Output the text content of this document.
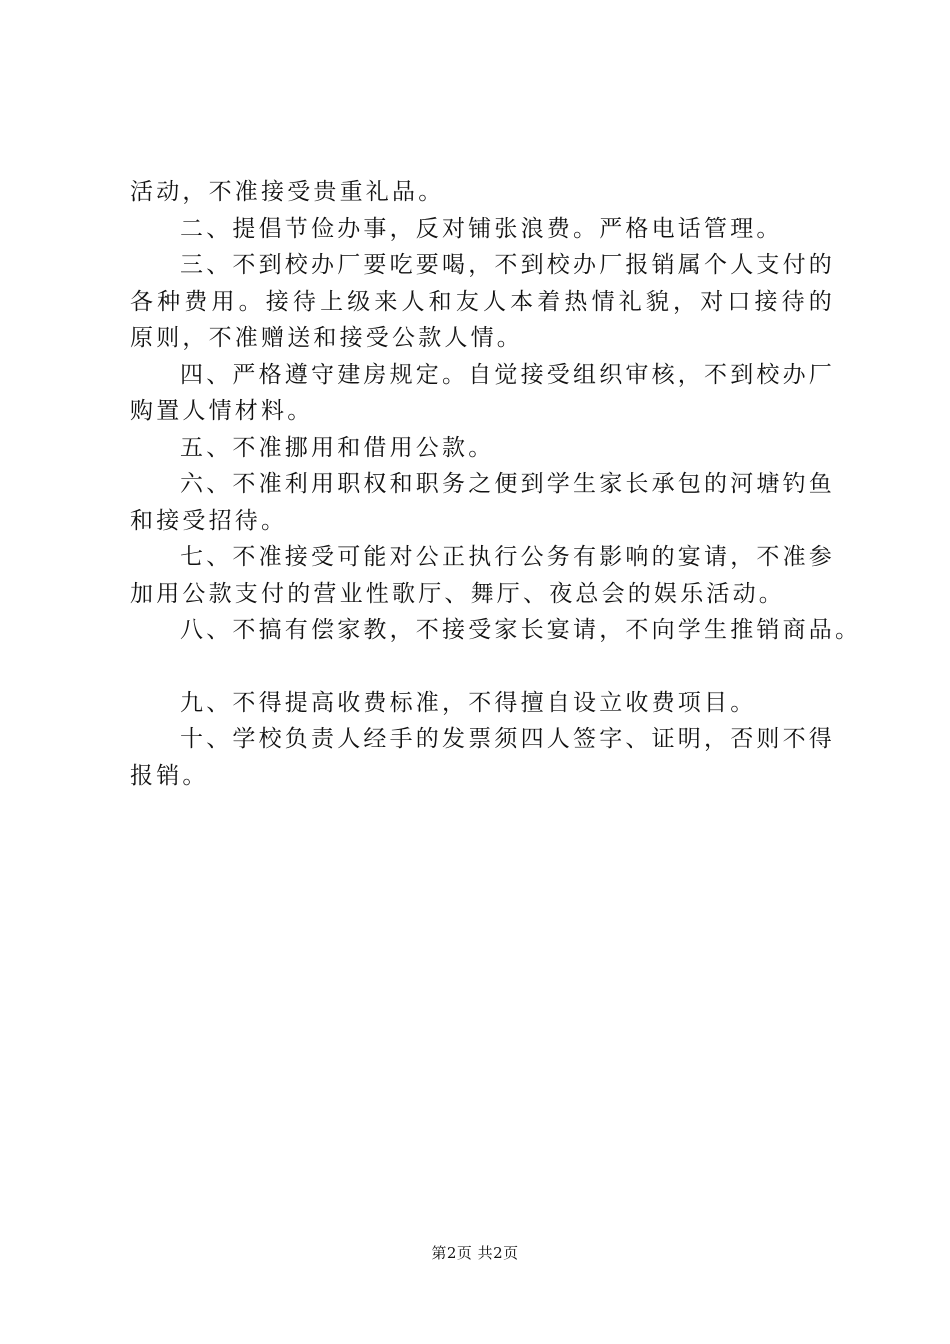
活动，不准接受贵重礼品。

二、提倡节俭办事，反对铺张浪费。严格电话管理。

三、不到校办厂要吃要喝，不到校办厂报销属个人支付的各种费用。接待上级来人和友人本着热情礼貌，对口接待的原则，不准赠送和接受公款人情。

四、严格遵守建房规定。自觉接受组织审核，不到校办厂购置人情材料。

五、不准挪用和借用公款。

六、不准利用职权和职务之便到学生家长承包的河塘钓鱼和接受招待。

七、不准接受可能对公正执行公务有影响的宴请，不准参加用公款支付的营业性歌厅、舞厅、夜总会的娱乐活动。

八、不搞有偿家教，不接受家长宴请，不向学生推销商品。

九、不得提高收费标准，不得擅自设立收费项目。

十、学校负责人经手的发票须四人签字、证明，否则不得报销。

第2页 共2页
